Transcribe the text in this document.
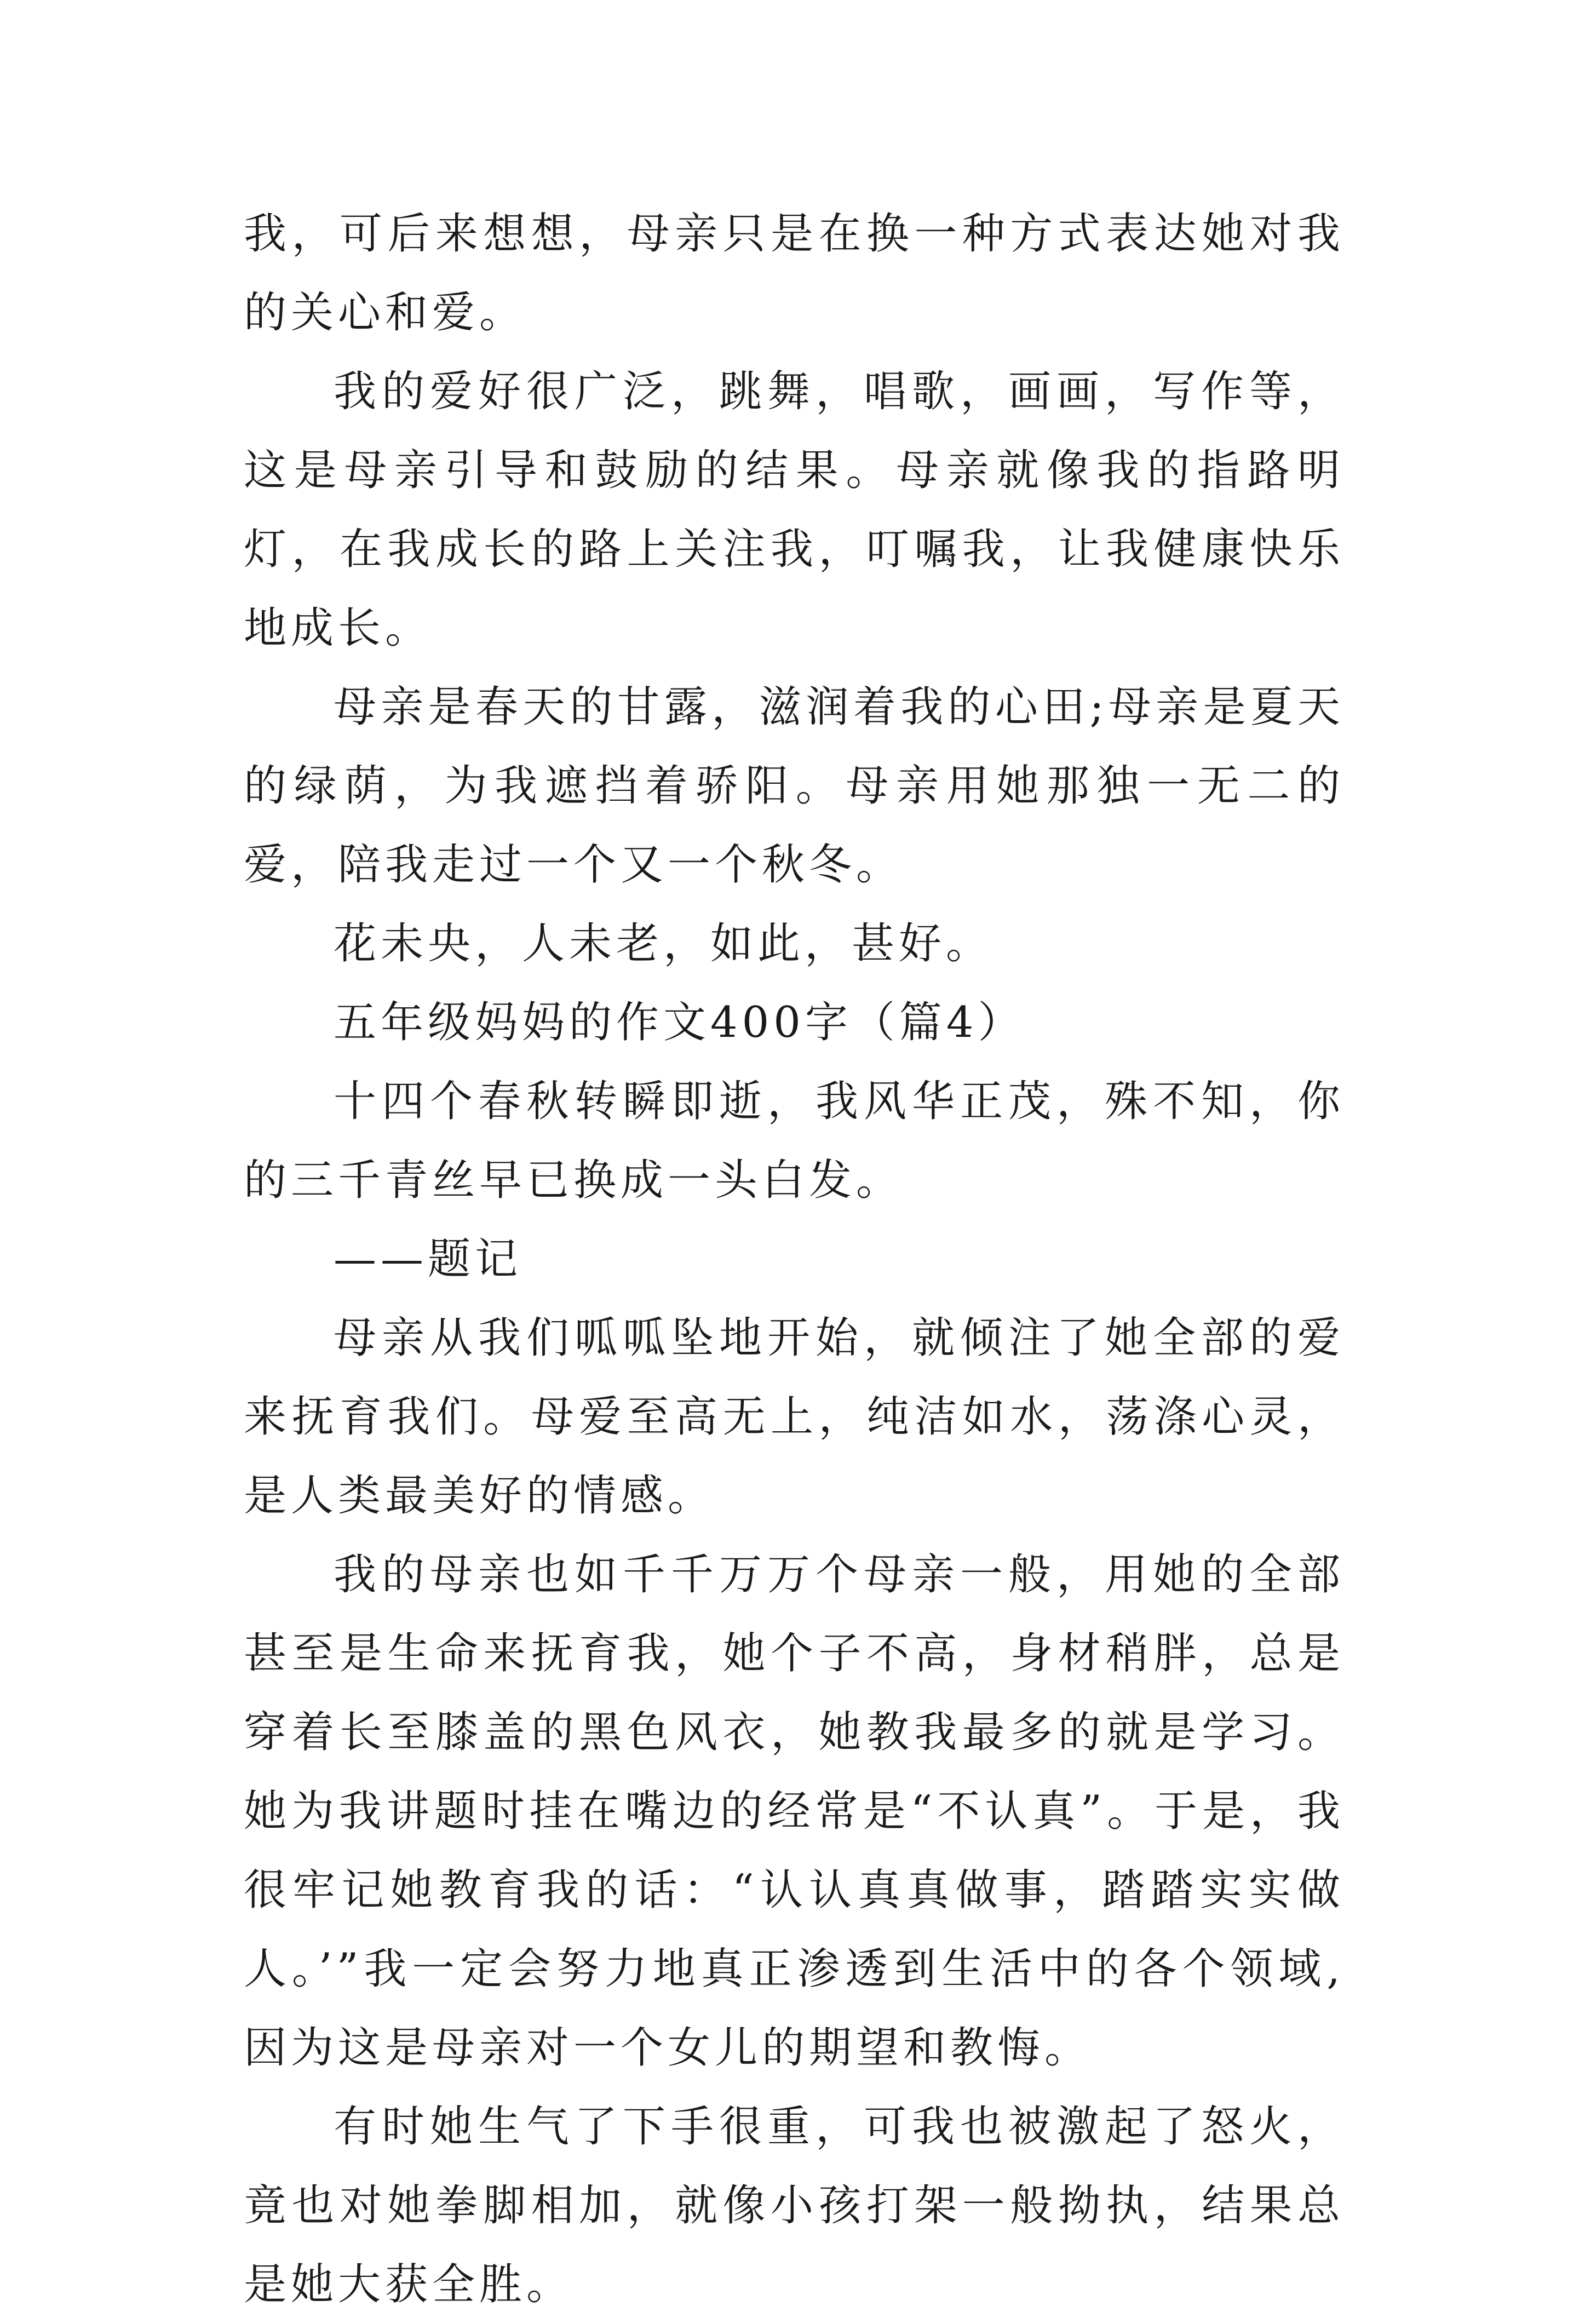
我，可后来想想，母亲只是在换一种方式表达她对我的关心和爱。

我的爱好很广泛，跳舞，唱歌，画画，写作等，这是母亲引导和鼓励的结果。母亲就像我的指路明灯，在我成长的路上关注我，叮嘱我，让我健康快乐地成长。

母亲是春天的甘露，滋润着我的心田;母亲是夏天的绿荫，为我遮挡着骄阳。母亲用她那独一无二的爱，陪我走过一个又一个秋冬。

花未央，人未老，如此，甚好。

五年级妈妈的作文400字（篇4）

十四个春秋转瞬即逝，我风华正茂，殊不知，你的三千青丝早已换成一头白发。

——题记

母亲从我们呱呱坠地开始，就倾注了她全部的爱来抚育我们。母爱至高无上，纯洁如水，荡涤心灵，是人类最美好的情感。

我的母亲也如千千万万个母亲一般，用她的全部甚至是生命来抚育我，她个子不高，身材稍胖，总是穿着长至膝盖的黑色风衣，她教我最多的就是学习。她为我讲题时挂在嘴边的经常是“不认真”。于是，我很牢记她教育我的话：“认认真真做事，踏踏实实做人。’”我一定会努力地真正渗透到生活中的各个领域,因为这是母亲对一个女儿的期望和教悔。

有时她生气了下手很重，可我也被激起了怒火，竟也对她拳脚相加，就像小孩打架一般拗执，结果总是她大获全胜。
